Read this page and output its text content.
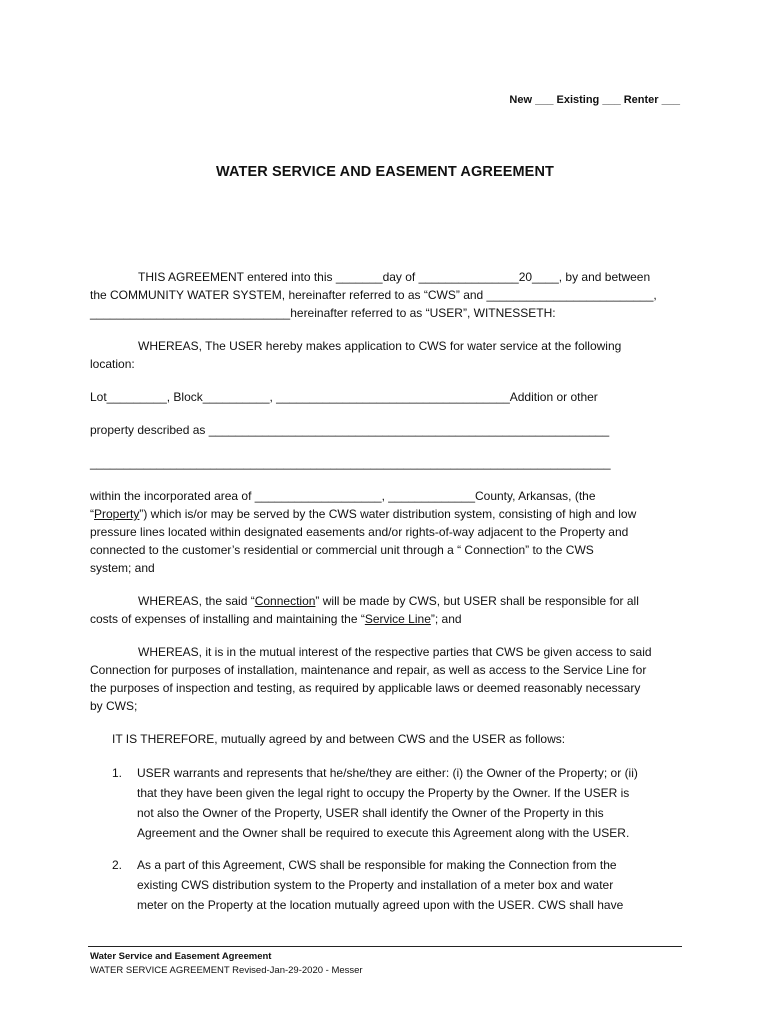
New ___ Existing ___ Renter ___
WATER SERVICE AND EASEMENT AGREEMENT
THIS AGREEMENT entered into this _______day of _______________20____, by and between
the COMMUNITY WATER SYSTEM, hereinafter referred to as “CWS” and _________________________,
______________________________hereinafter referred to as “USER”, WITNESSETH:
WHEREAS, The USER hereby makes application to CWS for water service at the following
location:
Lot_________, Block__________, ___________________________________Addition or other
property described as ____________________________________________________________
______________________________________________________________________________
within the incorporated area of ___________________, _____________County, Arkansas, (the
“Property”) which is/or may be served by the CWS water distribution system, consisting of high and low
pressure lines located within designated easements and/or rights-of-way adjacent to the Property and
connected to the customer’s residential or commercial unit through a “ Connection” to the CWS
system; and
WHEREAS, the said “Connection” will be made by CWS, but USER shall be responsible for all
costs of expenses of installing and maintaining the “Service Line”; and
WHEREAS, it is in the mutual interest of the respective parties that CWS be given access to said
Connection for purposes of installation, maintenance and repair, as well as access to the Service Line for
the purposes of inspection and testing, as required by applicable laws or deemed reasonably necessary
by CWS;
IT IS THEREFORE, mutually agreed by and between CWS and the USER as follows:
1. USER warrants and represents that he/she/they are either: (i) the Owner of the Property; or (ii)
that they have been given the legal right to occupy the Property by the Owner. If the USER is
not also the Owner of the Property, USER shall identify the Owner of the Property in this
Agreement and the Owner shall be required to execute this Agreement along with the USER.
2. As a part of this Agreement, CWS shall be responsible for making the Connection from the
existing CWS distribution system to the Property and installation of a meter box and water
meter on the Property at the location mutually agreed upon with the USER. CWS shall have
Water Service and Easement Agreement
WATER SERVICE AGREEMENT Revised-Jan-29-2020 - Messer
